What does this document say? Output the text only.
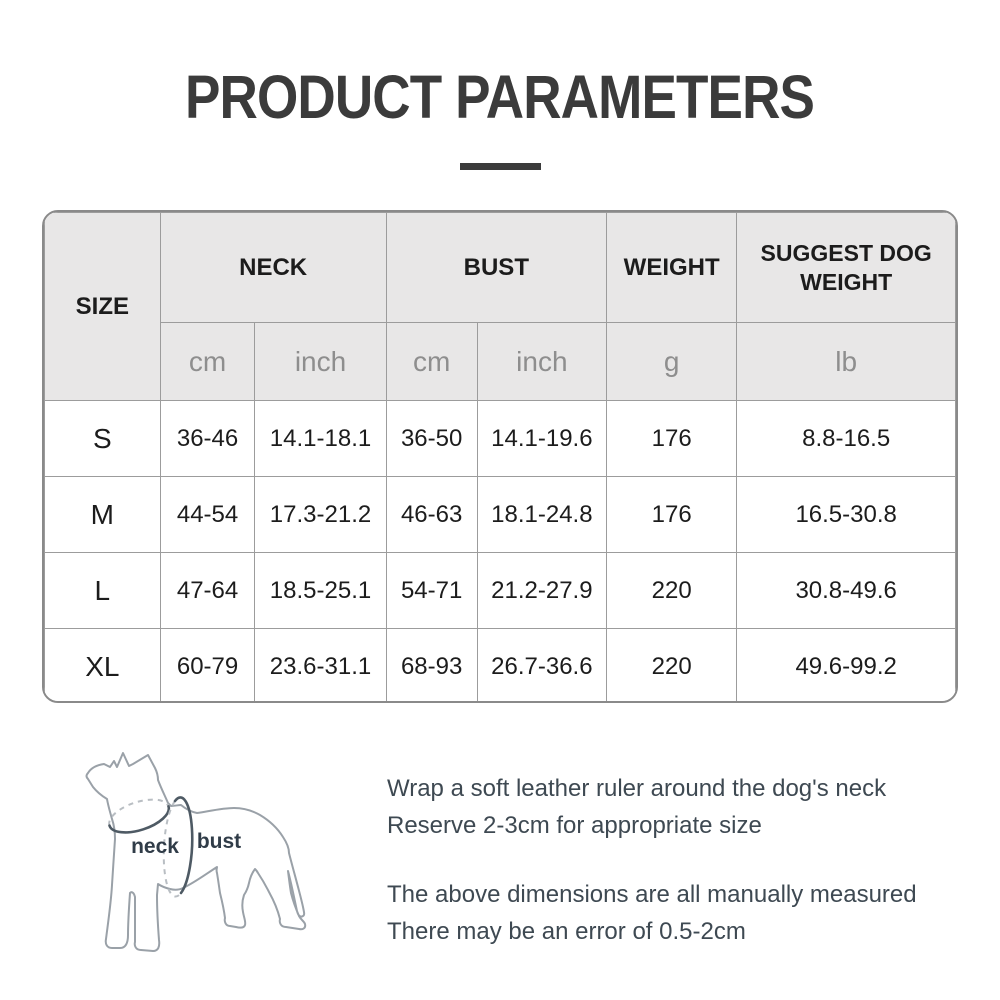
PRODUCT PARAMETERS
SIZE	NECK		BUST		WEIGHT	SUGGEST DOG WEIGHT
	cm	inch	cm	inch	g	lb
S	36-46	14.1-18.1	36-50	14.1-19.6	176	8.8-16.5
M	44-54	17.3-21.2	46-63	18.1-24.8	176	16.5-30.8
L	47-64	18.5-25.1	54-71	21.2-27.9	220	30.8-49.6
XL	60-79	23.6-31.1	68-93	26.7-36.6	220	49.6-99.2
neck bust
Wrap a soft leather ruler around the dog's neck
Reserve 2-3cm for appropriate size
The above dimensions are all manually measured
There may be an error of 0.5-2cm
